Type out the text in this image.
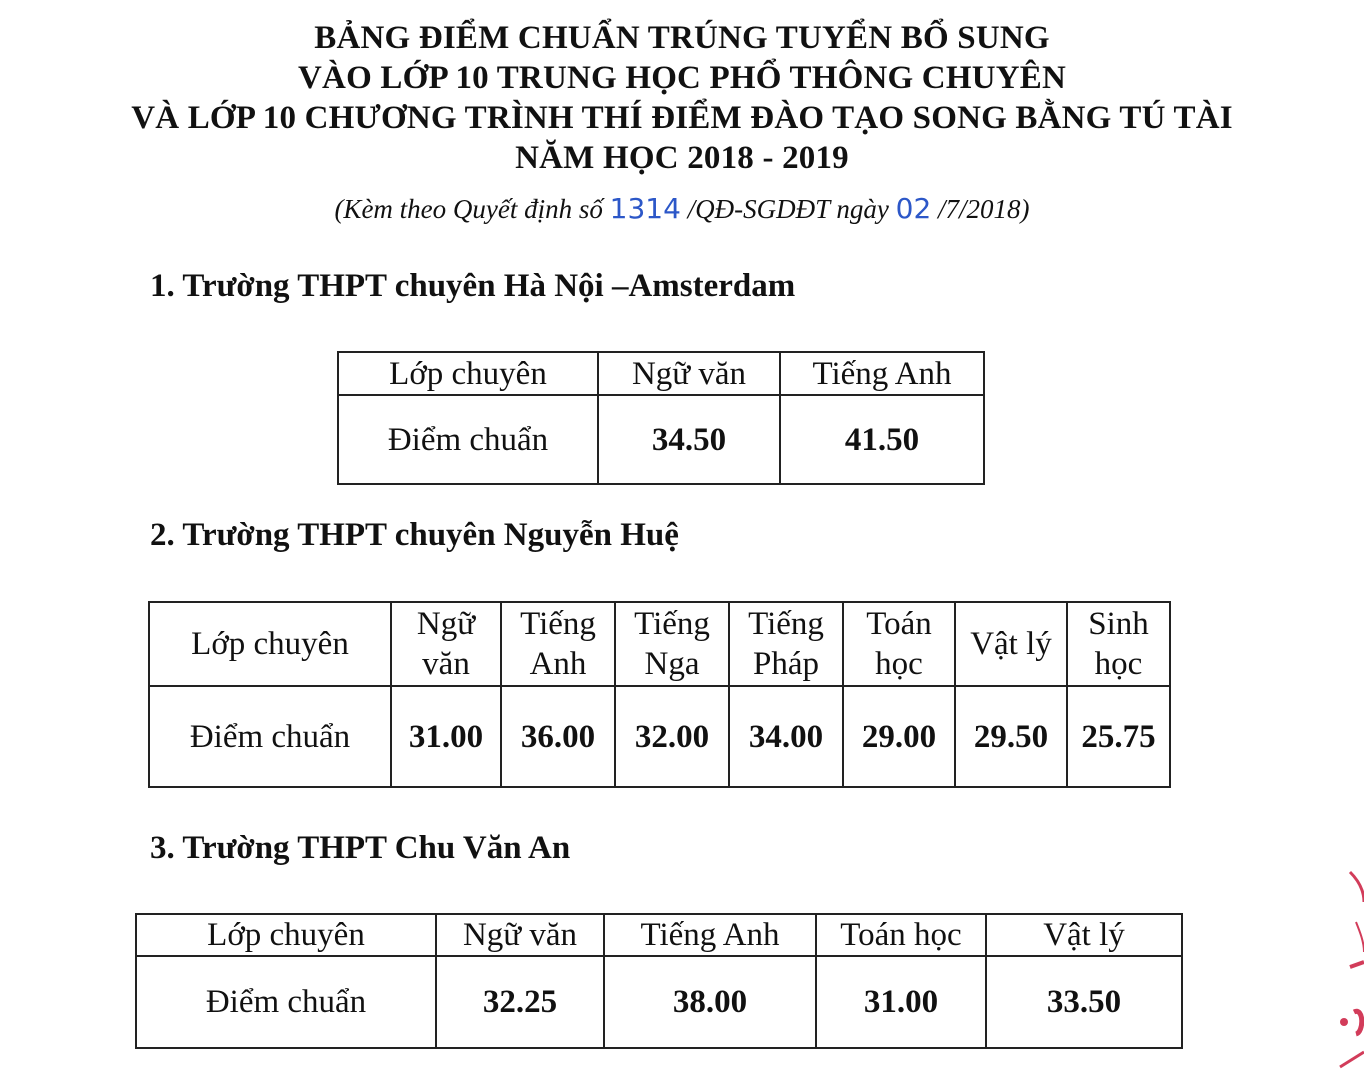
BẢNG ĐIỂM CHUẨN TRÚNG TUYỂN BỔ SUNG
VÀO LỚP 10 TRUNG HỌC PHỔ THÔNG CHUYÊN
VÀ LỚP 10 CHƯƠNG TRÌNH THÍ ĐIỂM ĐÀO TẠO SONG BẰNG TÚ TÀI
NĂM HỌC 2018 - 2019
(Kèm theo Quyết định số 1314 /QĐ-SGDĐT ngày 02 /7/2018)
1. Trường THPT chuyên Hà Nội –Amsterdam
Lớp chuyên	Ngữ văn	Tiếng Anh
Điểm chuẩn	34.50	41.50
2. Trường THPT chuyên Nguyễn Huệ
Lớp chuyên	Ngữ văn	Tiếng Anh	Tiếng Nga	Tiếng Pháp	Toán học	Vật lý	Sinh học
Điểm chuẩn	31.00	36.00	32.00	34.00	29.00	29.50	25.75
3. Trường THPT Chu Văn An
Lớp chuyên	Ngữ văn	Tiếng Anh	Toán học	Vật lý
Điểm chuẩn	32.25	38.00	31.00	33.50
